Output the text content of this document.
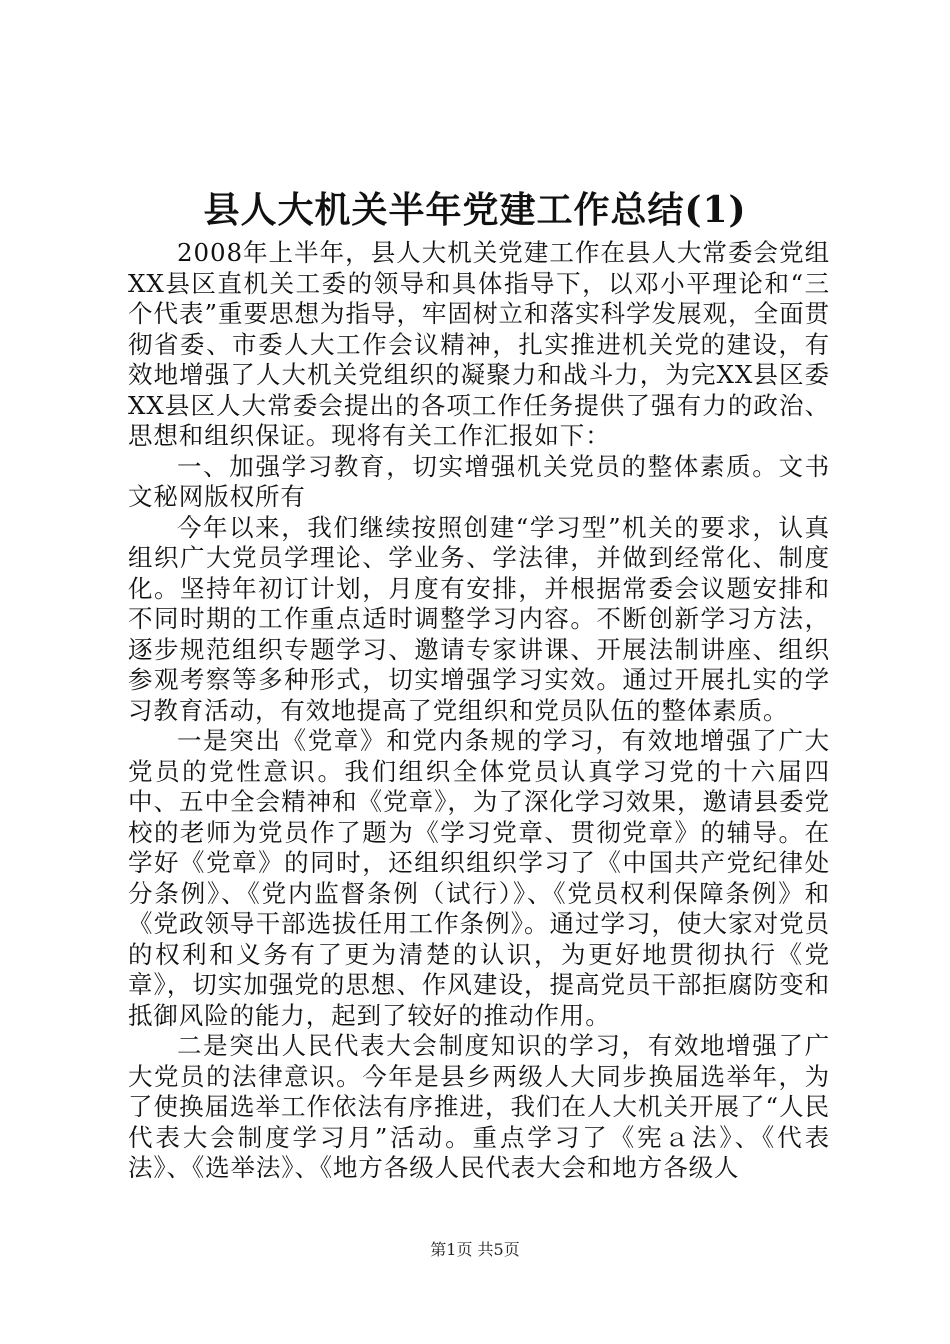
县人大机关半年党建工作总结(1)

2008年上半年，县人大机关党建工作在县人大常委会党组XX县区直机关工委的领导和具体指导下，以邓小平理论和“三个代表”重要思想为指导，牢固树立和落实科学发展观，全面贯彻省委、市委人大工作会议精神，扎实推进机关党的建设，有效地增强了人大机关党组织的凝聚力和战斗力，为完XX县区委XX县区人大常委会提出的各项工作任务提供了强有力的政治、思想和组织保证。现将有关工作汇报如下：

一、加强学习教育，切实增强机关党员的整体素质。文书文秘网版权所有

今年以来，我们继续按照创建“学习型”机关的要求，认真组织广大党员学理论、学业务、学法律，并做到经常化、制度化。坚持年初订计划，月度有安排，并根据常委会议题安排和不同时期的工作重点适时调整学习内容。不断创新学习方法，逐步规范组织专题学习、邀请专家讲课、开展法制讲座、组织参观考察等多种形式，切实增强学习实效。通过开展扎实的学习教育活动，有效地提高了党组织和党员队伍的整体素质。

一是突出《党章》和党内条规的学习，有效地增强了广大党员的党性意识。我们组织全体党员认真学习党的十六届四中、五中全会精神和《党章》，为了深化学习效果，邀请县委党校的老师为党员作了题为《学习党章、贯彻党章》的辅导。在学好《党章》的同时，还组织组织学习了《中国共产党纪律处分条例》、《党内监督条例（试行）》、《党员权利保障条例》和《党政领导干部选拔任用工作条例》。通过学习，使大家对党员的权利和义务有了更为清楚的认识，为更好地贯彻执行《党章》，切实加强党的思想、作风建设，提高党员干部拒腐防变和抵御风险的能力，起到了较好的推动作用。

二是突出人民代表大会制度知识的学习，有效地增强了广大党员的法律意识。今年是县乡两级人大同步换届选举年，为了使换届选举工作依法有序推进，我们在人大机关开展了“人民代表大会制度学习月”活动。重点学习了《宪ａ法》、《代表法》、《选举法》、《地方各级人民代表大会和地方各级人

第1页 共5页
